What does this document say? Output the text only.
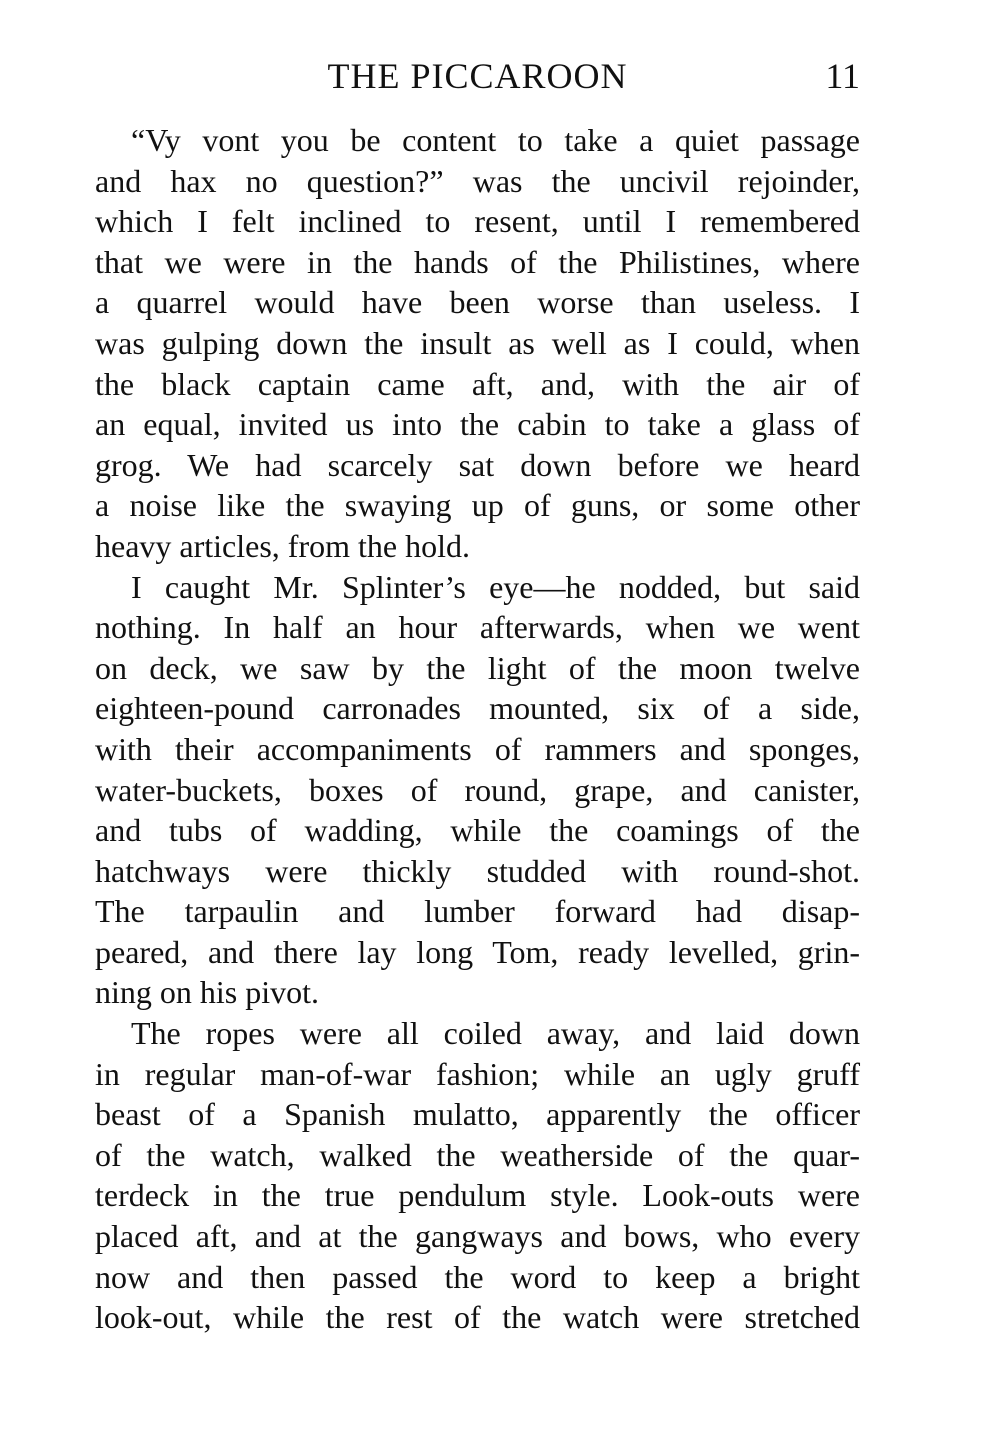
THE PICCAROON	11
“Vy vont you be content to take a quiet passage
and hax no question?” was the uncivil rejoinder,
which I felt inclined to resent, until I remembered
that we were in the hands of the Philistines, where
a quarrel would have been worse than useless. I
was gulping down the insult as well as I could, when
the black captain came aft, and, with the air of
an equal, invited us into the cabin to take a glass of
grog. We had scarcely sat down before we heard
a noise like the swaying up of guns, or some other
heavy articles, from the hold.
I caught Mr. Splinter’s eye—he nodded, but said
nothing. In half an hour afterwards, when we went
on deck, we saw by the light of the moon twelve
eighteen-pound carronades mounted, six of a side,
with their accompaniments of rammers and sponges,
water-buckets, boxes of round, grape, and canister,
and tubs of wadding, while the coamings of the
hatchways were thickly studded with round-shot.
The tarpaulin and lumber forward had disap-
peared, and there lay long Tom, ready levelled, grin-
ning on his pivot.
The ropes were all coiled away, and laid down
in regular man-of-war fashion; while an ugly gruff
beast of a Spanish mulatto, apparently the officer
of the watch, walked the weatherside of the quar-
terdeck in the true pendulum style. Look-outs were
placed aft, and at the gangways and bows, who every
now and then passed the word to keep a bright
look-out, while the rest of the watch were stretched
